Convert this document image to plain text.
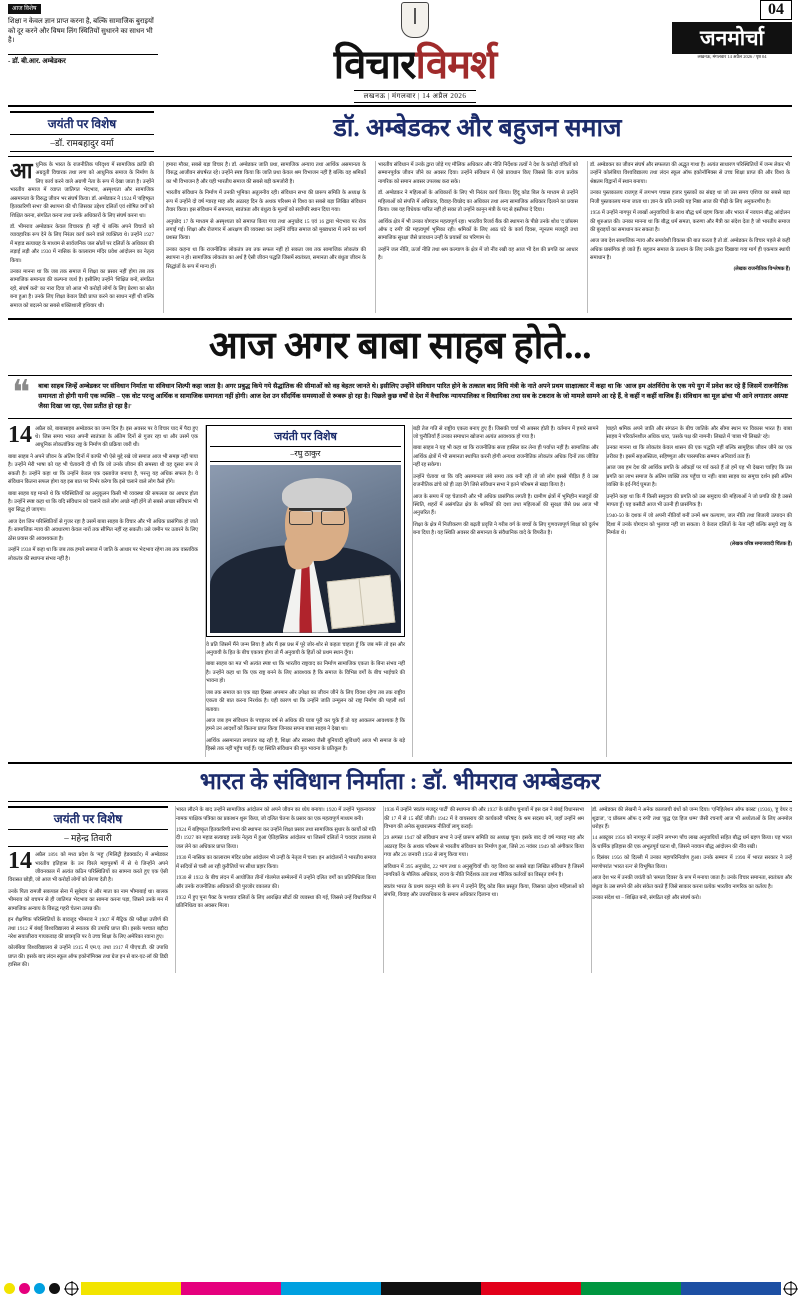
आज विशेष
शिक्षा न केवल ज्ञान प्राप्त करना है, बल्कि सामाजिक बुराइयों को दूर करने और विषम लिंग स्थितियों सुधारने का साधन भी है।
- डॉ. बी.आर. अम्बेडकर	विचारविमर्श
लखनऊ | मंगलवार | 14 अप्रैल 2026
04
जनमोर्चा
लखनऊ, मंगलवार 14 अप्रैल 2026 / पृष्ठ 04
जयंती पर विशेष
–डॉ. रामबहादुर वर्मा
डॉ. अम्बेडकर और बहुजन समाज

आधुनिक के भारत के राजनीतिक परिदृश्य में सामाजिक क्रांति की अग्रदूती विचारक तथा लगा को आधुनिक समाज के निर्माण के लिए कार्य करने वाले अग्रणी नेता के रूप में देखा जाता है। उन्होंने भारतीय समाज में व्याप्त जातिगत भेदभाव, अस्पृश्यता और सामाजिक असमानता के विरुद्ध जीवन भर संघर्ष किया। डॉ. अम्बेडकर ने 1924 में 'बहिष्कृत हितकारिणी सभा' की स्थापना की थी जिसका उद्देश्य दलितों एवं शोषित वर्गों को शिक्षित करना, संगठित करना तथा उनके अधिकारों के लिए संघर्ष करना था।

डॉ. भीमराव अम्बेडकर केवल विचारक ही नहीं थे बल्कि अपने विचारों को व्यावहारिक रूप देने के लिए निरंतर कार्य करने वाले व्यक्तित्व थे। उन्होंने 1927 में महाड सत्याग्रह के माध्यम से सार्वजनिक जल स्रोतों पर दलितों के अधिकार की लड़ाई लड़ी और 1930 में नासिक के कालाराम मंदिर प्रवेश आंदोलन का नेतृत्व किया।

उनका मानना था कि जब तक समाज में शिक्षा का प्रसार नहीं होगा तब तक सामाजिक समानता की कल्पना व्यर्थ है। इसीलिए उन्होंने 'शिक्षित बनो, संगठित रहो, संघर्ष करो' का नारा दिया जो आज भी करोड़ों लोगों के लिए प्रेरणा का स्रोत बना हुआ है। उनके लिए शिक्षा केवल डिग्री प्राप्त करने का साधन नहीं थी बल्कि समाज को बदलने का सबसे शक्तिशाली हथियार थी।

हमारा मौका, सबसे बड़ा विचार है। डॉ. अम्बेडकर जाति प्रथा, सामाजिक अन्याय तथा आर्थिक असमानता के विरुद्ध आजीवन संघर्षरत रहे। उन्होंने स्पष्ट किया कि जाति प्रथा केवल श्रम विभाजन नहीं है बल्कि वह श्रमिकों का भी विभाजन है और यही भारतीय समाज की सबसे बड़ी कमजोरी है।

भारतीय संविधान के निर्माण में उनकी भूमिका अतुलनीय रही। संविधान सभा की प्रारूप समिति के अध्यक्ष के रूप में उन्होंने दो वर्ष ग्यारह माह और अठारह दिन के अथक परिश्रम से विश्व का सबसे बड़ा लिखित संविधान तैयार किया। इस संविधान में समानता, स्वतंत्रता और बंधुत्व के मूल्यों को सर्वोपरि स्थान दिया गया।

अनुच्छेद 17 के माध्यम से अस्पृश्यता को समाप्त किया गया तथा अनुच्छेद 15 एवं 16 द्वारा भेदभाव पर रोक लगाई गई। शिक्षा और रोजगार में आरक्षण की व्यवस्था कर उन्होंने वंचित समाज को मुख्यधारा में लाने का मार्ग प्रशस्त किया।

उनका कहना था कि राजनीतिक लोकतंत्र तब तक सफल नहीं हो सकता जब तक सामाजिक लोकतंत्र की स्थापना न हो। सामाजिक लोकतंत्र का अर्थ है ऐसी जीवन पद्धति जिसमें स्वतंत्रता, समानता और बंधुता जीवन के सिद्धांतों के रूप में मान्य हों।

भारतीय संविधान में उनके द्वारा जोड़े गए मौलिक अधिकार और नीति निर्देशक तत्वों ने देश के करोड़ों वंचितों को सम्मानपूर्वक जीवन जीने का अवसर दिया। उन्होंने संविधान में ऐसे प्रावधान किए जिससे कि राज्य प्रत्येक नागरिक को समान अवसर उपलब्ध करा सके।

डॉ. अम्बेडकर ने महिलाओं के अधिकारों के लिए भी निरंतर कार्य किया। हिंदू कोड बिल के माध्यम से उन्होंने महिलाओं को संपत्ति में अधिकार, विवाह-विच्छेद का अधिकार तथा अन्य सामाजिक अधिकार दिलाने का प्रयास किया। जब यह विधेयक पारित नहीं हो सका तो उन्होंने कानून मंत्री के पद से इस्तीफा दे दिया।

आर्थिक क्षेत्र में भी उनका योगदान महत्वपूर्ण रहा। भारतीय रिजर्व बैंक की स्थापना के पीछे उनके शोध 'द प्रॉब्लम ऑफ द रुपी' की महत्वपूर्ण भूमिका रही। श्रमिकों के लिए आठ घंटे के कार्य दिवस, न्यूनतम मजदूरी तथा सामाजिक सुरक्षा जैसे प्रावधान उन्हीं के प्रयासों का परिणाम थे।

उन्होंने जल नीति, ऊर्जा नीति तथा श्रम कल्याण के क्षेत्र में जो नींव रखी वह आज भी देश की प्रगति का आधार है।

डॉ. अम्बेडकर का जीवन संघर्ष और सफलता की अद्भुत गाथा है। अत्यंत साधारण परिस्थितियों में जन्म लेकर भी उन्होंने कोलंबिया विश्वविद्यालय तथा लंदन स्कूल ऑफ इकोनॉमिक्स से उच्च शिक्षा प्राप्त की और विश्व के श्रेष्ठतम विद्वानों में स्थान बनाया।

उनका पुस्तकालय राजगृह में लगभग पचास हजार पुस्तकों का संग्रह था जो उस समय एशिया का सबसे बड़ा निजी पुस्तकालय माना जाता था। ज्ञान के प्रति उनकी यह निष्ठा आज की पीढ़ी के लिए अनुकरणीय है।

1956 में उन्होंने नागपुर में लाखों अनुयायियों के साथ बौद्ध धर्म ग्रहण किया और भारत में नवयान बौद्ध आंदोलन की शुरुआत की। उनका मानना था कि बौद्ध धर्म समता, करुणा और मैत्री का संदेश देता है जो भारतीय समाज की बुराइयों का समाधान कर सकता है।

आज जब देश सामाजिक न्याय और समावेशी विकास की बात करता है तो डॉ. अम्बेडकर के विचार पहले से कहीं अधिक प्रासंगिक हो जाते हैं। बहुजन समाज के उत्थान के लिए उनके द्वारा दिखाया गया मार्ग ही एकमात्र स्थायी समाधान है।

(लेखक राजनीतिक विश्लेषक हैं)
आज अगर बाबा साहब होते...
❝ बाबा साहब जिन्हें अम्बेडकर पर संविधान निर्माता या संविधान शिल्पी कहा जाता है। अगर प्रबुद्ध किये गये सैद्धांतिक की सीमाओं को वह बेहतर जानते थे। इसीलिए उन्होंने संविधान पारित होने के तत्काल बाद विधि मंत्री के नाते अपने प्रथम साक्षात्कार में कहा था कि 'आज हम अंतर्विरोध के एक नये युग में प्रवेश कर रहे हैं जिसमें राजनीतिक समानता तो होगी यानी एक व्यक्ति – एक वोट परन्तु आर्थिक व सामाजिक समानता नहीं होगी। आज देश उन सौंदर्यिक समस्याओं से रूबरू हो रहा है। पिछले कुछ वर्षों से देश में वैचारिक न्यायपालिका व विधायिका तथा सब के टकराव के जो मामले सामने आ रहे हैं, वे कहीं न कहीं वाजिब हैं। संविधान का मूल ढांचा भी आने लगातार अस्पष्ट जैसा दिखा जा रहा, ऐसा प्रतीत हो रहा है।'

14 अप्रैल को, बाबासाहब अम्बेडकर का जन्म दिन है। इस अवसर पर वे विचार याद में पैदा हुए थे। जिस समय भारत अपनी स्वतंत्रता के अंतिम दिनों से गुजर रहा था और उसमें एक आधुनिक लोकतांत्रिक राष्ट्र के निर्माण की प्रक्रिया जारी थी।

बाबा साहब ने अपने जीवन के अंतिम दिनों में काफी भी ऐसे मुद्दे रखे जो समाज आज भी समझ नहीं पाया है। उन्होंने मेरी भाषा को यह भी चेतावनी दी थी कि जो उनके जीवन की समस्या थी वह दूसरा रूप ले सकती है। उन्होंने कहा था कि उन्होंने केवल एक दस्तावेज बनाया है, परन्तु यह अधिक सफल है। ये संविधान कितना सफल होगा यह इस बात पर निर्भर करेगा कि इसे चलाने वाले लोग कैसे होंगे।

बाबा साहब यह मानते थे कि परिस्थितियों का अनुकूलन किसी भी व्यवस्था की सफलता का आधार होता है। उन्होंने स्पष्ट कहा था कि यदि संविधान को चलाने वाले लोग अच्छे नहीं होंगे तो सबसे अच्छा संविधान भी बुरा सिद्ध हो जाएगा।

आज देश जिन परिस्थितियों से गुजर रहा है उसमें बाबा साहब के विचार और भी अधिक प्रासंगिक हो जाते हैं। सामाजिक न्याय की अवधारणा केवल नारों तक सीमित नहीं रह सकती। उसे जमीन पर उतारने के लिए ठोस प्रयास की आवश्यकता है।

उन्होंने 1938 में कहा था कि जब तक हमारे समाज में जाति के आधार पर भेदभाव रहेगा तब तक वास्तविक लोकतंत्र की स्थापना संभव नहीं है।

जयंती पर विशेष
–रघु ठाकुर

वे प्रति जिसमें मैंने जन्म लिया है और मैं इस प्रश्न में पूरे जोर-शोर से कहता चाहता हूँ कि जब मरूँ तो इस और अनुयायी के हित के बीच एकत्रय होगा तो मैं अनुयायी के हितों को प्रथम स्थान दूँगा।

बाबा साहब का मत भी अत्यंत स्पष्ट था कि भारतीय राष्ट्रवाद का निर्माण सामाजिक एकता के बिना संभव नहीं है। उन्होंने कहा था कि एक राष्ट्र बनने के लिए आवश्यक है कि समाज के विभिन्न वर्गों के बीच भाईचारे की भावना हो।

जब तक समाज का एक बड़ा हिस्सा अपमान और उपेक्षा का जीवन जीने के लिए विवश रहेगा तब तक राष्ट्रीय एकता की बात करना निरर्थक है। यही कारण था कि उन्होंने जाति उन्मूलन को राष्ट्र निर्माण की पहली शर्त बताया।

आज जब हम संविधान के पचहत्तर वर्ष से अधिक की यात्रा पूरी कर चुके हैं तो यह आकलन आवश्यक है कि हमने उन आदर्शों को कितना प्राप्त किया जिनका सपना बाबा साहब ने देखा था।

आर्थिक असमानता लगातार बढ़ रही है, शिक्षा और स्वास्थ्य जैसी बुनियादी सुविधाएँ आज भी समाज के बड़े हिस्से तक नहीं पहुँच पाई हैं। यह स्थिति संविधान की मूल भावना के प्रतिकूल है।

बड़ी तेज गति से राष्ट्रीय एकत्व बनाए हुए हैं। जिसकी चर्चा भी अक्सर होती है। वर्तमान में हमारे सामने जो चुनौतियाँ हैं उनका समाधान खोजना अत्यंत आवश्यक हो गया है।

बाबा साहब ने यह भी कहा था कि राजनीतिक सत्ता हासिल कर लेना ही पर्याप्त नहीं है। सामाजिक और आर्थिक क्षेत्रों में भी समानता स्थापित करनी होगी अन्यथा राजनीतिक लोकतंत्र अधिक दिनों तक जीवित नहीं रह सकेगा।

उन्होंने चेताया था कि यदि असमानता लंबे समय तक बनी रही तो जो लोग इससे पीड़ित हैं वे उस राजनीतिक ढांचे को ही उड़ा देंगे जिसे संविधान सभा ने इतने परिश्रम से खड़ा किया है।

आज के समय में यह चेतावनी और भी अधिक प्रासंगिक लगती है। ग्रामीण क्षेत्रों में भूमिहीन मजदूरों की स्थिति, शहरों में असंगठित क्षेत्र के श्रमिकों की दशा तथा महिलाओं की सुरक्षा जैसे प्रश्न आज भी अनुत्तरित हैं।

शिक्षा के क्षेत्र में निजीकरण की बढ़ती प्रवृत्ति ने गरीब वर्ग के बच्चों के लिए गुणवत्तापूर्ण शिक्षा को दुर्लभ बना दिया है। यह स्थिति अवसर की समानता के संवैधानिक वादे के विपरीत है।

चाहते श्रमिक अपने जाति और संगठन के बीच जातिके और सीमा स्थान पर विकास भारत है। बाबा साहब ने परिवर्तनशील अधिक धारा, 'उसके पक्ष की नामनी। लिखते में 'बाबा भी लिखते' रहे।

उनका मानना था कि लोकतंत्र केवल शासन की एक पद्धति नहीं बल्कि सामूहिक जीवन जीने का एक तरीका है। इसमें सहअस्तित्व, सहिष्णुता और पारस्परिक सम्मान अनिवार्य तत्व हैं।

आज जब हम देश की आर्थिक प्रगति के आँकड़ों पर गर्व करते हैं तो हमें यह भी देखना चाहिए कि उस प्रगति का लाभ समाज के अंतिम व्यक्ति तक पहुँचा या नहीं। बाबा साहब का समूचा दर्शन इसी अंतिम व्यक्ति के इर्द-गिर्द घूमता है।

उन्होंने कहा था कि मैं किसी समुदाय की प्रगति को उस समुदाय की महिलाओं ने जो प्रगति की है उससे मापता हूँ। यह कसौटी आज भी उतनी ही प्रासंगिक है।

1940-50 के दशक में जो अपनी नीतियाँ बनीं उनमें श्रम कल्याण, जल नीति तथा बिजली उत्पादन की दिशा में उनके योगदान को भुलाया नहीं जा सकता। वे केवल दलितों के नेता नहीं बल्कि समूचे राष्ट्र के निर्माता थे।

(लेखक वरिष्ठ समाजवादी चिंतक हैं)
भारत के संविधान निर्माता : डॉ. भीमराव अम्बेडकर
जयंती पर विशेष
– महेन्द्र तिवारी

14 अप्रैल 1891 को मध्य प्रदेश के 'महू' (मिलिट्री हेडक्वार्टर) में अम्बेडकर भारतीय इतिहास के उन विरले महापुरुषों में से थे जिन्होंने अपने जीवनकाल में अत्यंत कठिन परिस्थितियों का सामना करते हुए एक ऐसी विरासत छोड़ी, जो आज भी करोड़ों लोगों को प्रेरणा देती है।

उनके पिता रामजी सकपाल सेना में सूबेदार थे और माता का नाम भीमाबाई था। बालक भीमराव को बचपन से ही जातिगत भेदभाव का सामना करना पड़ा, जिसने उनके मन में सामाजिक अन्याय के विरुद्ध गहरी चेतना उत्पन्न की।

इन शैक्षणिक परिस्थितियों के बावजूद भीमराव ने 1907 में मैट्रिक की परीक्षा उत्तीर्ण की तथा 1912 में बंबई विश्वविद्यालय से स्नातक की उपाधि प्राप्त की। इसके पश्चात बड़ौदा नरेश सयाजीराव गायकवाड़ की छात्रवृत्ति पर वे उच्च शिक्षा के लिए अमेरिका रवाना हुए।

कोलंबिया विश्वविद्यालय से उन्होंने 1915 में एम.ए. तथा 1917 में पीएच.डी. की उपाधि प्राप्त की। इसके बाद लंदन स्कूल ऑफ इकोनॉमिक्स तथा ग्रेज इन से बार-एट-लॉ की डिग्री हासिल की।

भारत लौटने के बाद उन्होंने सामाजिक आंदोलन को अपने जीवन का ध्येय बनाया। 1920 में उन्होंने 'मूकनायक' नामक पाक्षिक पत्रिका का प्रकाशन शुरू किया, जो दलित चेतना के प्रसार का एक महत्वपूर्ण माध्यम बनी।

1924 में बहिष्कृत हितकारिणी सभा की स्थापना कर उन्होंने शिक्षा प्रसार तथा सामाजिक सुधार के कार्यों को गति दी। 1927 का महाड सत्याग्रह उनके नेतृत्व में हुआ ऐतिहासिक आंदोलन था जिसमें दलितों ने चवदार तालाब से जल लेने का अधिकार प्राप्त किया।

1930 में नासिक का कालाराम मंदिर प्रवेश आंदोलन भी उन्हीं के नेतृत्व में चला। इन आंदोलनों ने भारतीय समाज में सदियों से चली आ रही कुरीतियों पर सीधा प्रहार किया।

1930 से 1932 के बीच लंदन में आयोजित तीनों गोलमेज सम्मेलनों में उन्होंने दलित वर्गों का प्रतिनिधित्व किया और उनके राजनीतिक अधिकारों की पुरजोर वकालत की।

1932 में हुए पूना पैक्ट के पश्चात दलितों के लिए आरक्षित सीटों की व्यवस्था की गई, जिससे उन्हें विधायिका में प्रतिनिधित्व का अवसर मिला।

1936 में उन्होंने 'स्वतंत्र मजदूर पार्टी' की स्थापना की और 1937 के प्रांतीय चुनावों में इस दल ने बंबई विधानसभा की 17 में से 15 सीटें जीतीं। 1942 में वे वायसराय की कार्यकारी परिषद के श्रम सदस्य बने, जहाँ उन्होंने श्रम विभाग की अनेक सुधारात्मक नीतियाँ लागू कराईं।

29 अगस्त 1947 को संविधान सभा ने उन्हें प्रारूप समिति का अध्यक्ष चुना। इसके बाद दो वर्ष ग्यारह माह और अठारह दिन के अथक परिश्रम से भारतीय संविधान का निर्माण हुआ, जिसे 26 नवंबर 1949 को अंगीकार किया गया और 26 जनवरी 1950 से लागू किया गया।

संविधान में 395 अनुच्छेद, 22 भाग तथा 8 अनुसूचियाँ थीं। यह विश्व का सबसे बड़ा लिखित संविधान है जिसमें नागरिकों के मौलिक अधिकार, राज्य के नीति निर्देशक तत्व तथा मौलिक कर्तव्यों का विस्तृत वर्णन है।

स्वतंत्र भारत के प्रथम कानून मंत्री के रूप में उन्होंने हिंदू कोड बिल प्रस्तुत किया, जिसका उद्देश्य महिलाओं को संपत्ति, विवाह और उत्तराधिकार के समान अधिकार दिलाना था।

डॉ. अम्बेडकर की लेखनी ने अनेक कालजयी ग्रंथों को जन्म दिया। 'एनिहिलेशन ऑफ कास्ट' (1936), 'हू वेयर द शूद्राज', 'द प्रॉब्लम ऑफ द रुपी' तथा 'बुद्ध एंड हिज धम्म' जैसी रचनाएँ आज भी अध्येताओं के लिए अनमोल धरोहर हैं।

14 अक्टूबर 1956 को नागपुर में उन्होंने लगभग पाँच लाख अनुयायियों सहित बौद्ध धर्म ग्रहण किया। यह भारत के धार्मिक इतिहास की एक अभूतपूर्व घटना थी, जिसने नवयान बौद्ध आंदोलन की नींव रखी।

6 दिसंबर 1956 को दिल्ली में उनका महापरिनिर्वाण हुआ। उनके सम्मान में 1990 में भारत सरकार ने उन्हें मरणोपरांत 'भारत रत्न' से विभूषित किया।

आज देश भर में उनकी जयंती को 'समता दिवस' के रूप में मनाया जाता है। उनके विचार समानता, स्वतंत्रता और बंधुत्व के उस सपने की ओर संकेत करते हैं जिसे साकार करना प्रत्येक भारतीय नागरिक का कर्तव्य है।

उनका संदेश था – शिक्षित बनो, संगठित रहो और संघर्ष करो।
